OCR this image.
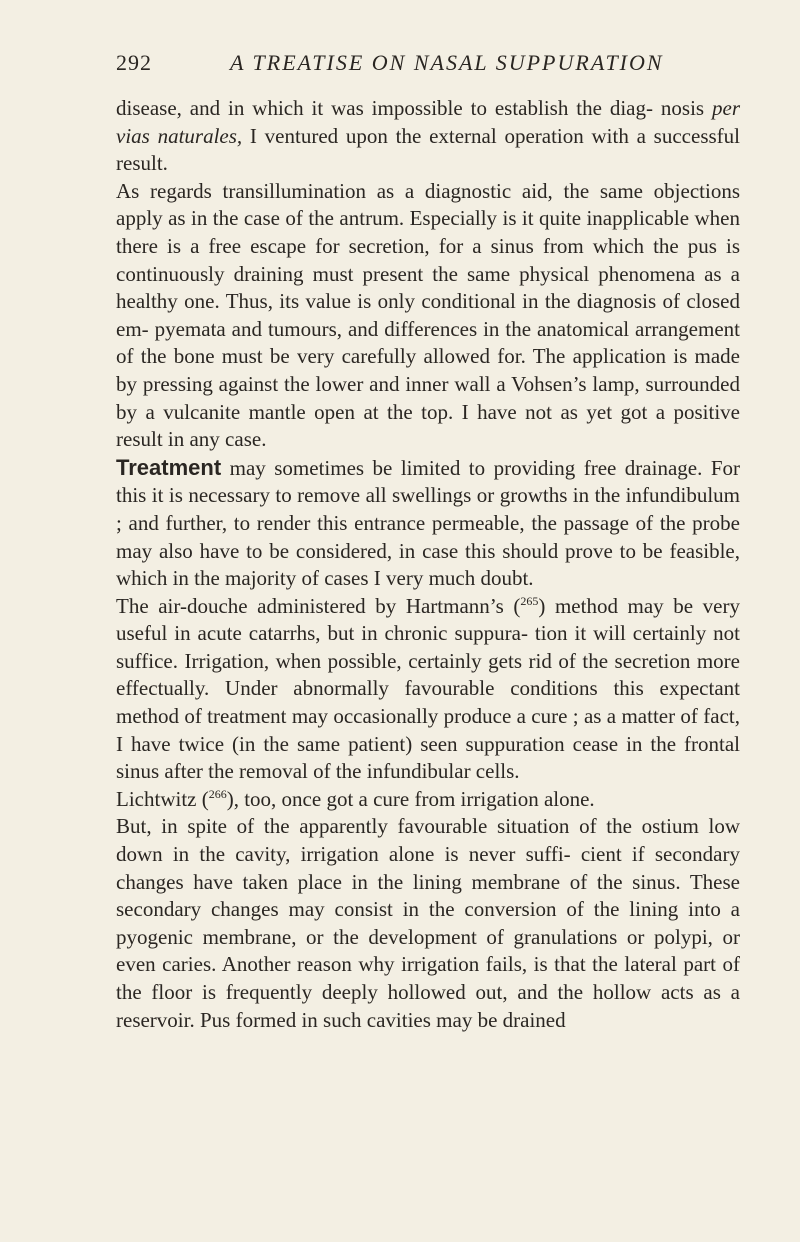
292	A TREATISE ON NASAL SUPPURATION

disease, and in which it was impossible to establish the diag- nosis per vias naturales, I ventured upon the external operation with a successful result.

As regards transillumination as a diagnostic aid, the same objections apply as in the case of the antrum. Especially is it quite inapplicable when there is a free escape for secretion, for a sinus from which the pus is continuously draining must present the same physical phenomena as a healthy one. Thus, its value is only conditional in the diagnosis of closed em- pyemata and tumours, and differences in the anatomical arrangement of the bone must be very carefully allowed for. The application is made by pressing against the lower and inner wall a Vohsen’s lamp, surrounded by a vulcanite mantle open at the top. I have not as yet got a positive result in any case.

Treatment may sometimes be limited to providing free drainage. For this it is necessary to remove all swellings or growths in the infundibulum ; and further, to render this entrance permeable, the passage of the probe may also have to be considered, in case this should prove to be feasible, which in the majority of cases I very much doubt.

The air-douche administered by Hartmann’s ($^{265}$) method may be very useful in acute catarrhs, but in chronic suppura- tion it will certainly not suffice. Irrigation, when possible, certainly gets rid of the secretion more effectually. Under abnormally favourable conditions this expectant method of treatment may occasionally produce a cure ; as a matter of fact, I have twice (in the same patient) seen suppuration cease in the frontal sinus after the removal of the infundibular cells.

Lichtwitz ($^{266}$), too, once got a cure from irrigation alone.

But, in spite of the apparently favourable situation of the ostium low down in the cavity, irrigation alone is never suffi- cient if secondary changes have taken place in the lining membrane of the sinus. These secondary changes may consist in the conversion of the lining into a pyogenic membrane, or the development of granulations or polypi, or even caries. Another reason why irrigation fails, is that the lateral part of the floor is frequently deeply hollowed out, and the hollow acts as a reservoir. Pus formed in such cavities may be drained
